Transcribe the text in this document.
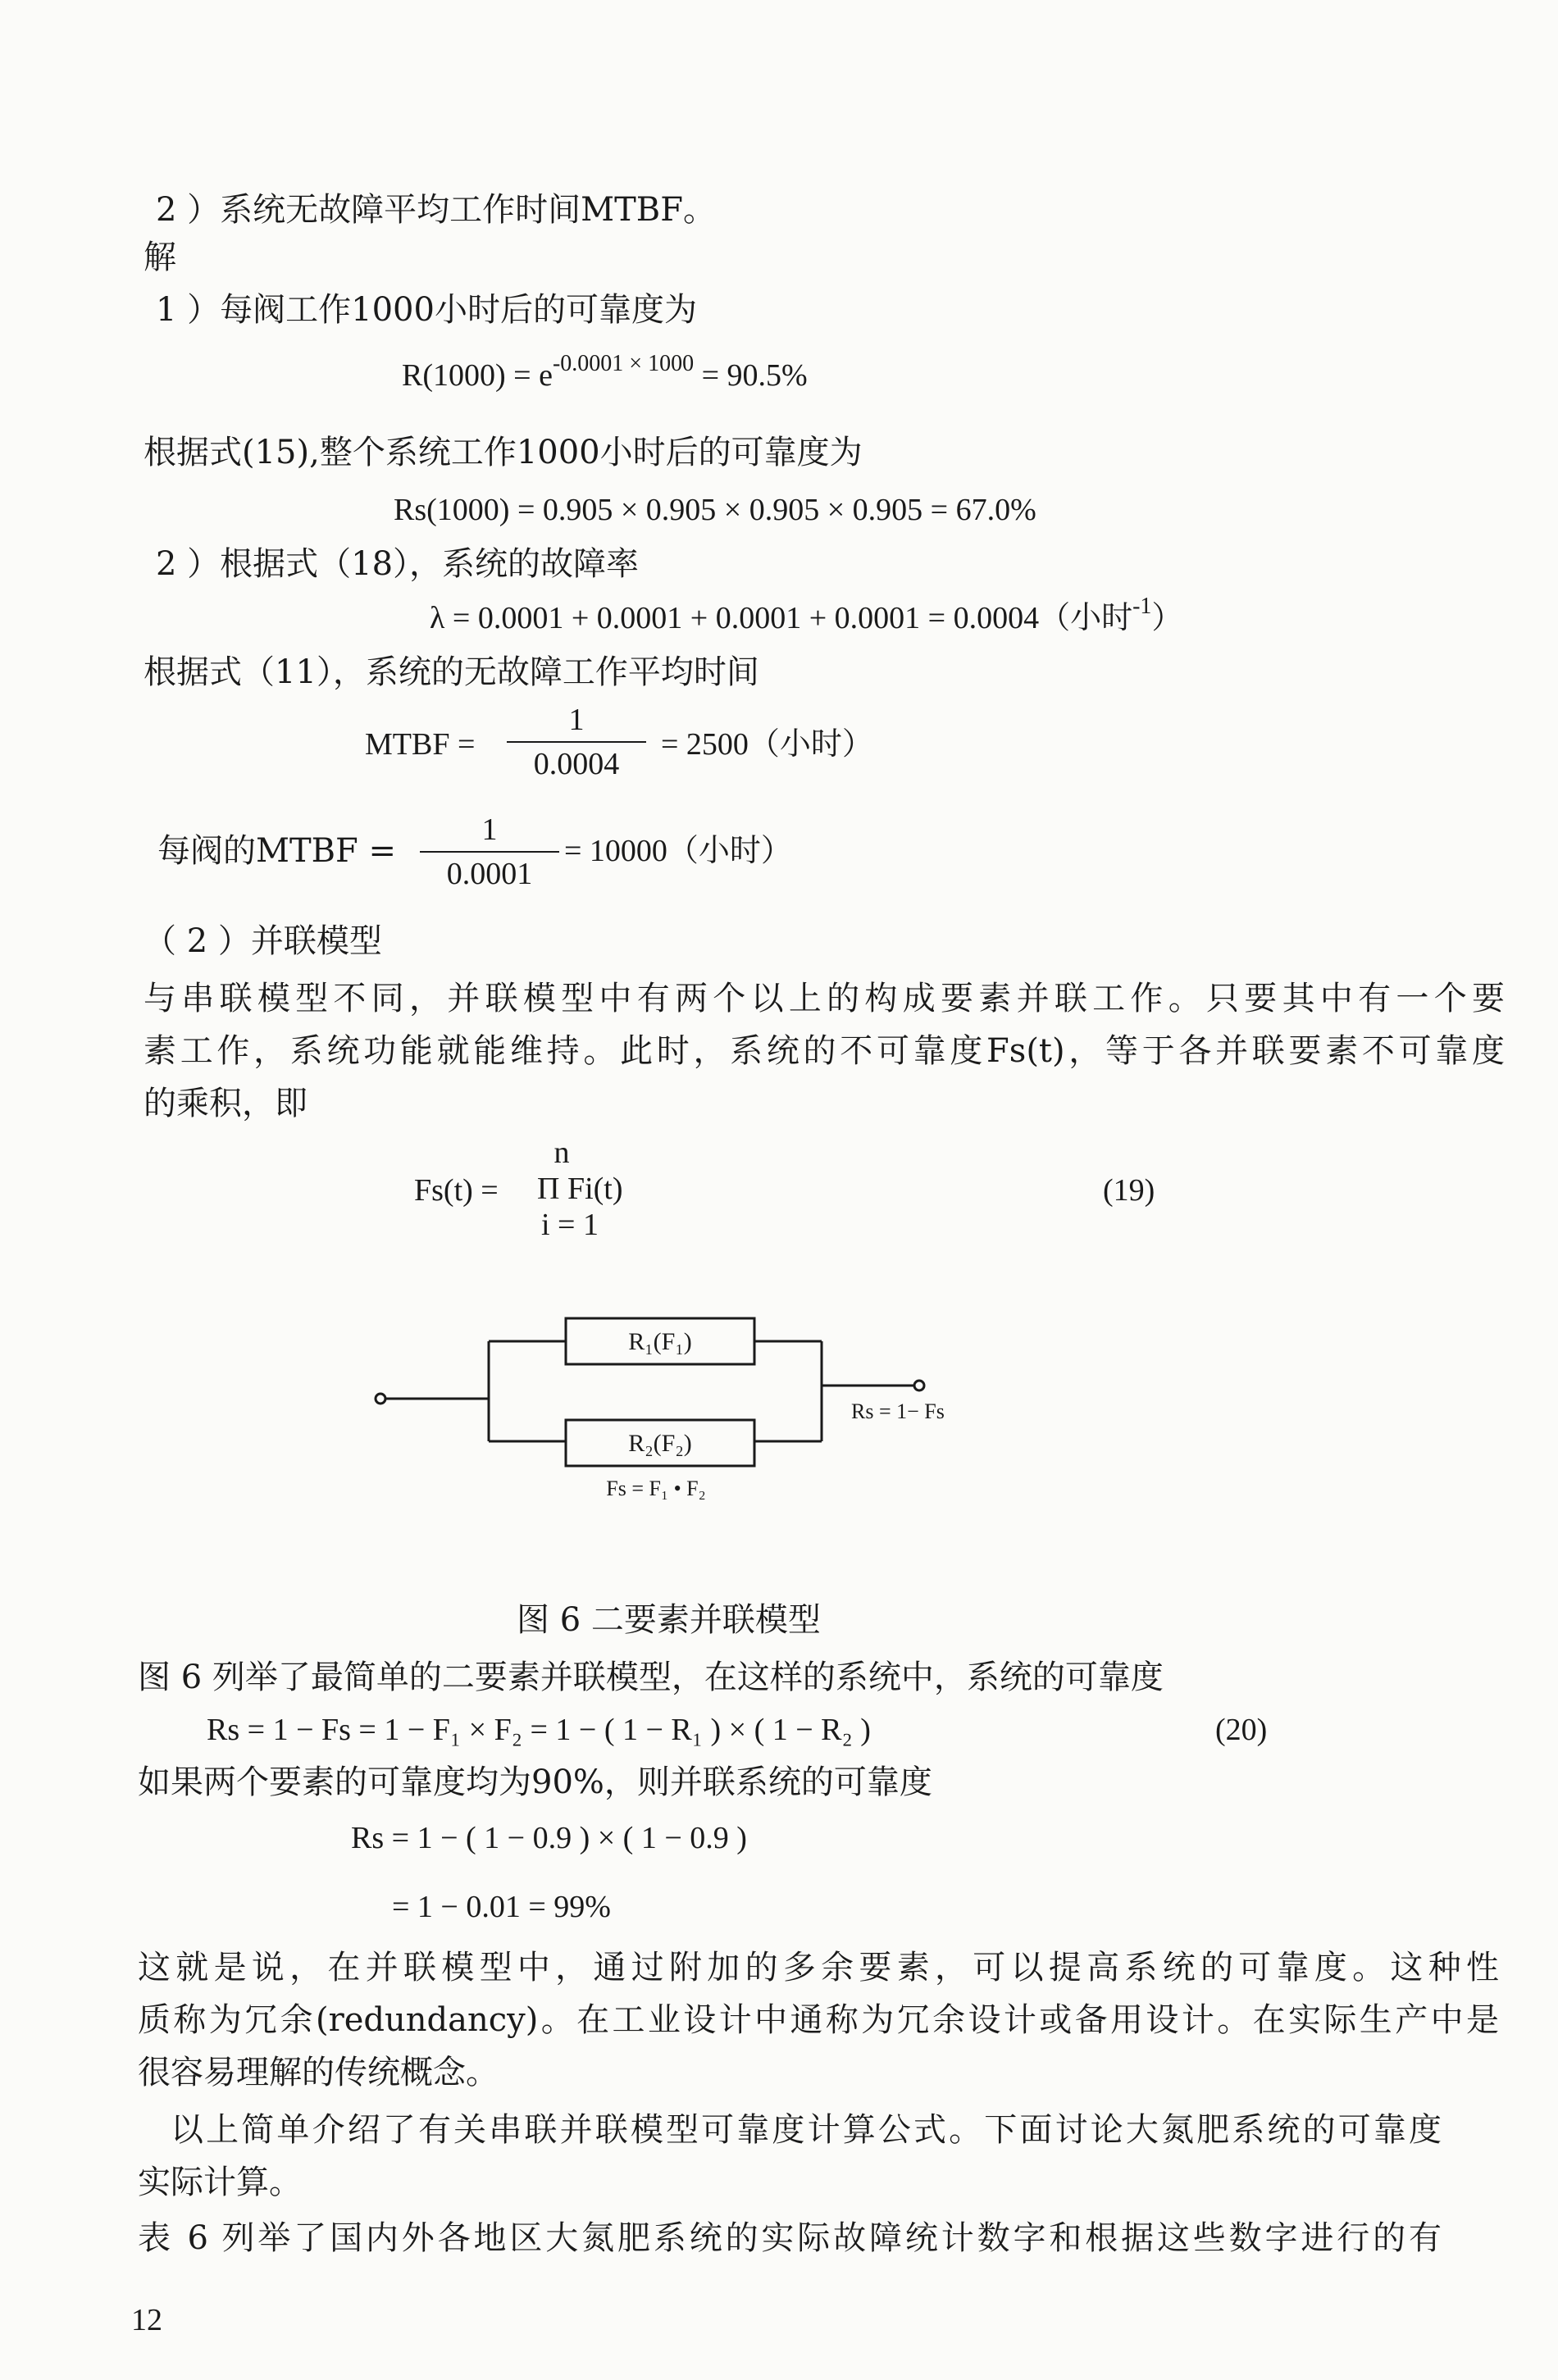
2 ）系统无故障平均工作时间MTBF。
解
1 ）每阀工作1000小时后的可靠度为
$R(1000) = e^{-0.0001 \times 1000} = 90.5\%$
根据式(15),整个系统工作1000小时后的可靠度为
Rs(1000) = 0.905 × 0.905 × 0.905 × 0.905 = 67.0%
2 ）根据式（18），系统的故障率
λ = 0.0001 + 0.0001 + 0.0001 + 0.0001 = 0.0004（小时$^{-1}$）
根据式（11），系统的无故障工作平均时间
MTBF =
1
0.0004
= 2500（小时）
每阀的MTBF =
1
0.0001
= 10000（小时）
（ 2 ）并联模型
与串联模型不同，并联模型中有两个以上的构成要素并联工作。只要其中有一个要
素工作，系统功能就能维持。此时，系统的不可靠度Fs(t)，等于各并联要素不可靠度
的乘积，即
Fs(t) =
n
Π Fi(t)
i = 1
(19)
R₁(F₁)
R₂(F₂)
Rs = 1− Fs
Fs = F₁ • F₂
图 6 二要素并联模型
图 6 列举了最简单的二要素并联模型，在这样的系统中，系统的可靠度
Rs = 1 − Fs = 1 − F₁ × F₂ = 1 − ( 1 − R₁ ) × ( 1 − R₂ )	(20)
如果两个要素的可靠度均为90%，则并联系统的可靠度
Rs = 1 − ( 1 − 0.9 ) × ( 1 − 0.9 )
= 1 − 0.01 = 99%
这就是说，在并联模型中，通过附加的多余要素，可以提高系统的可靠度。这种性
质称为冗余(redundancy)。在工业设计中通称为冗余设计或备用设计。在实际生产中是
很容易理解的传统概念。
以上简单介绍了有关串联并联模型可靠度计算公式。下面讨论大氮肥系统的可靠度
实际计算。
表 6 列举了国内外各地区大氮肥系统的实际故障统计数字和根据这些数字进行的有
12
